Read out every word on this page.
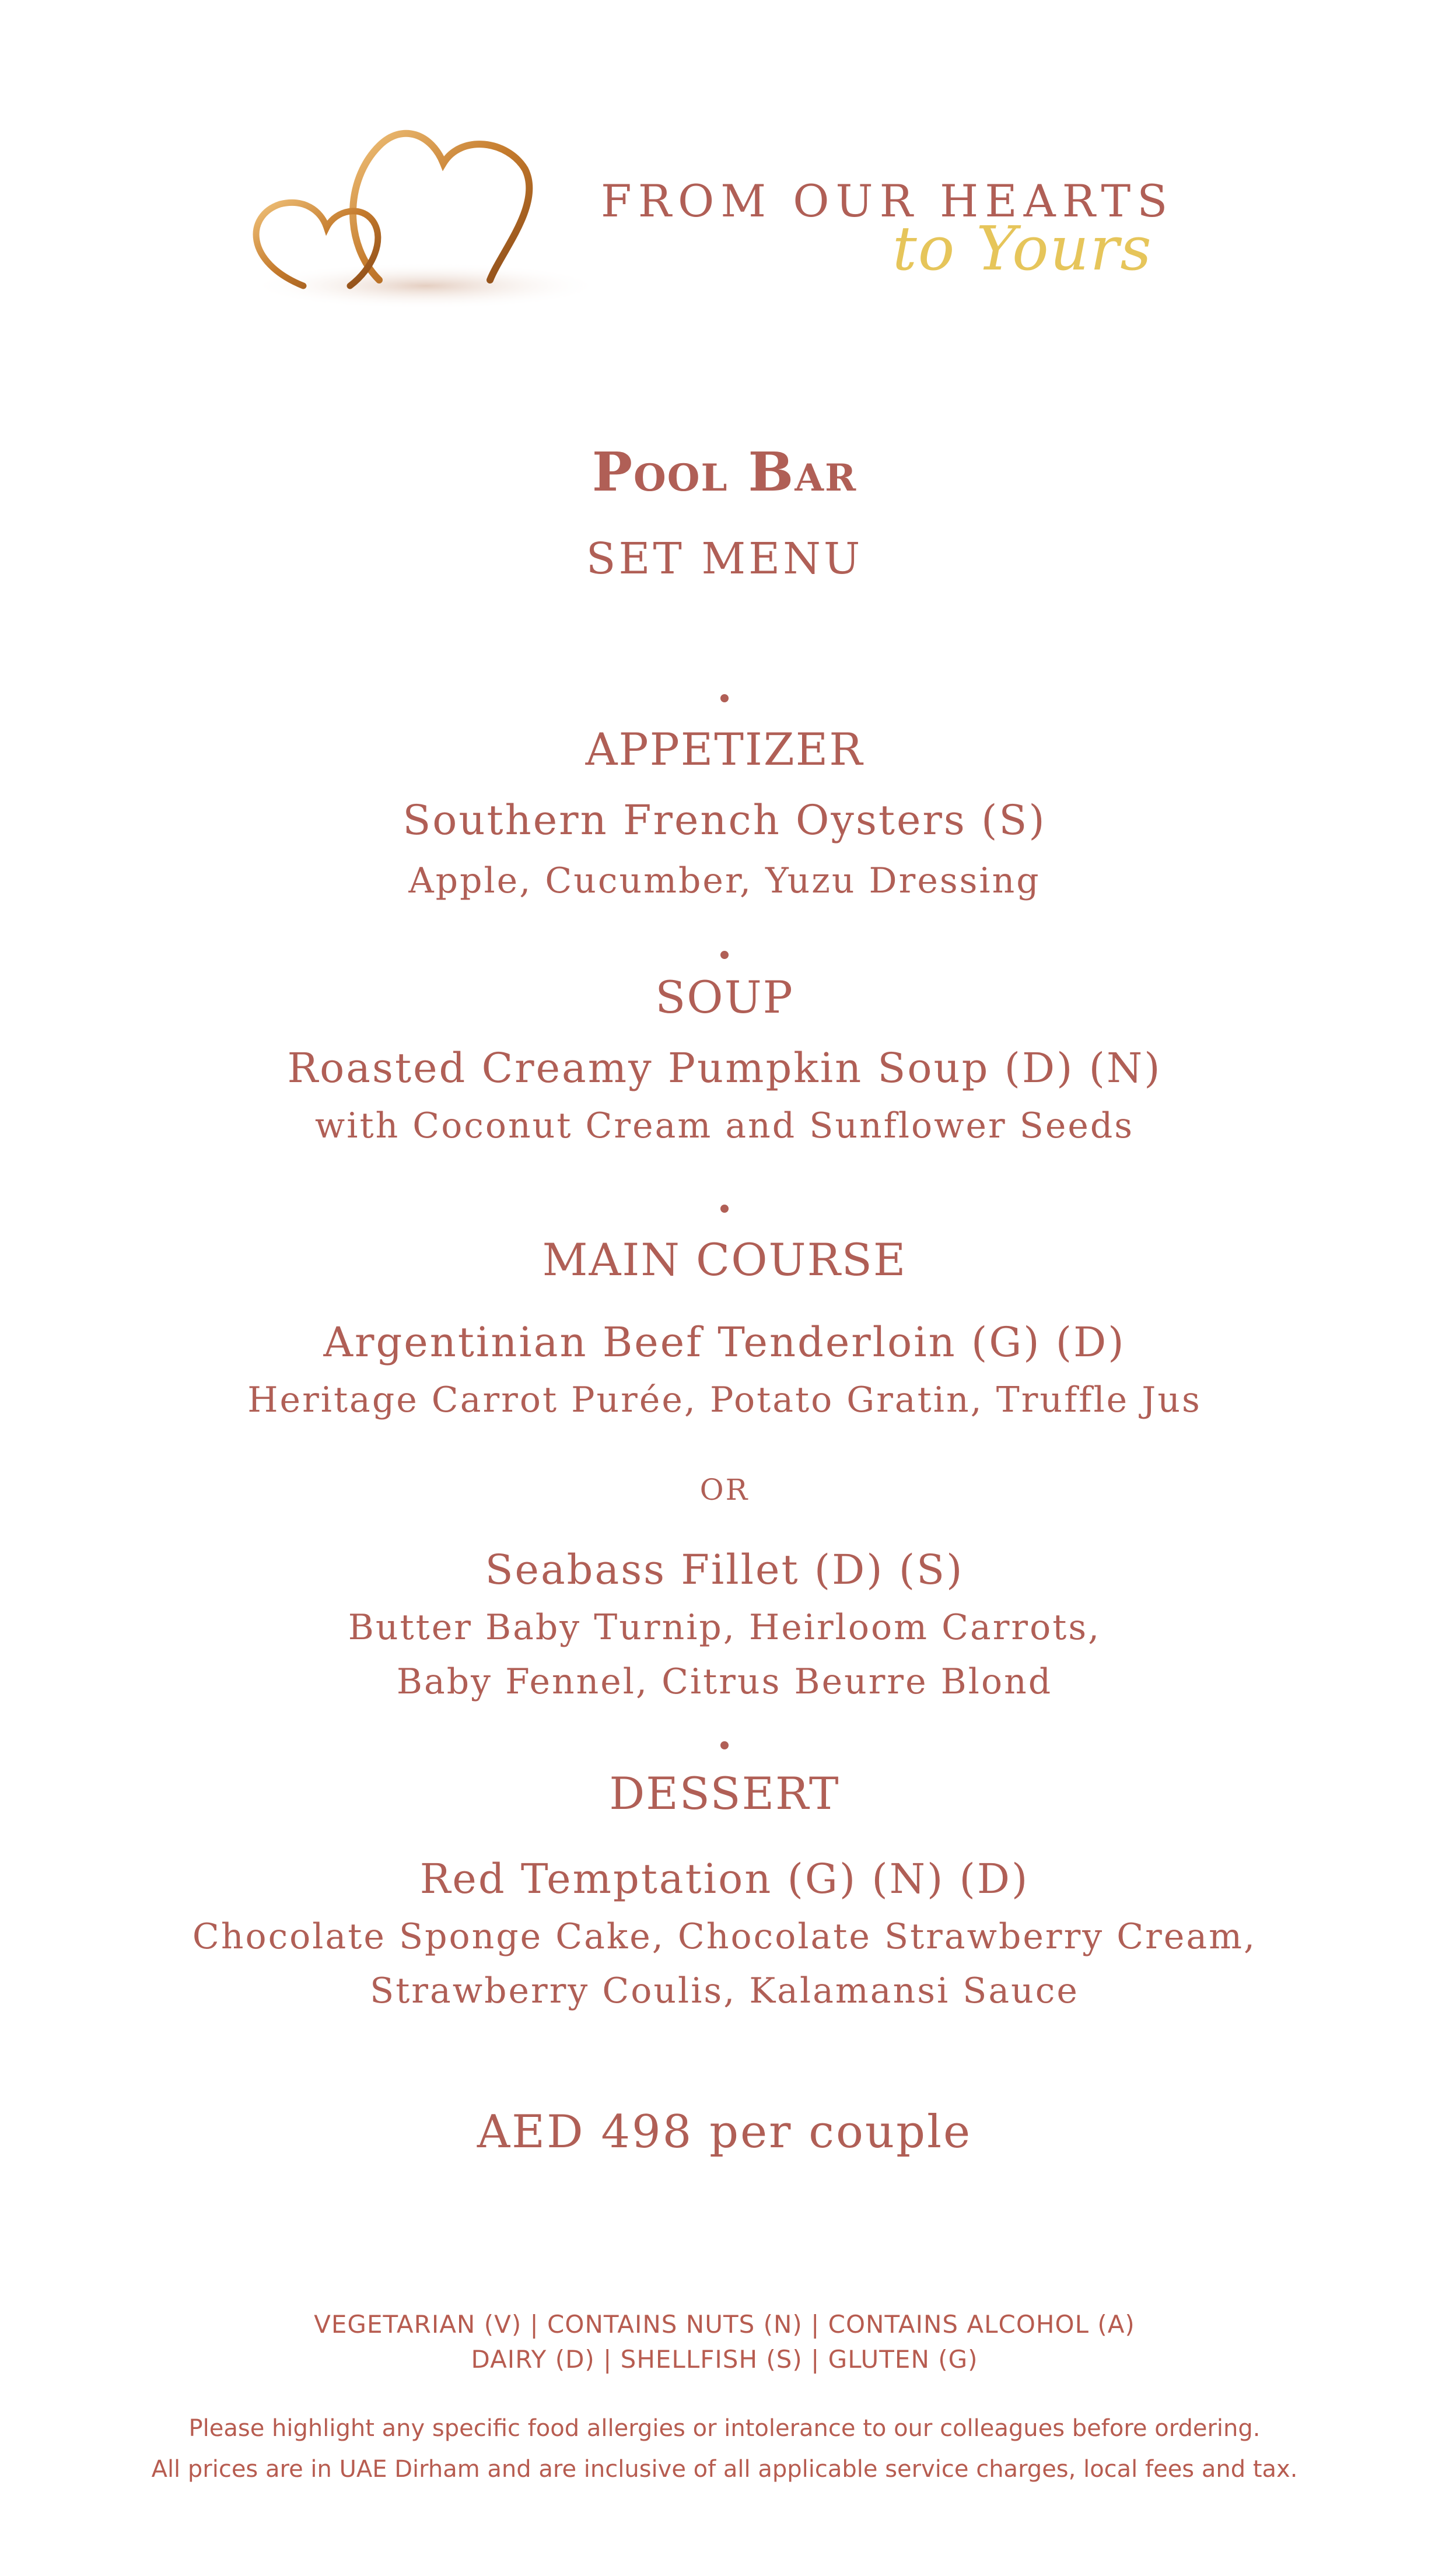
FROM OUR HEARTS
to Yours
Pool Bar
SET MENU
APPETIZER
Southern French Oysters (S)
Apple, Cucumber, Yuzu Dressing
SOUP
Roasted Creamy Pumpkin Soup (D) (N)
with Coconut Cream and Sunflower Seeds
MAIN COURSE
Argentinian Beef Tenderloin (G) (D)
Heritage Carrot Purée, Potato Gratin, Truffle Jus
OR
Seabass Fillet (D) (S)
Butter Baby Turnip, Heirloom Carrots,
Baby Fennel, Citrus Beurre Blond
DESSERT
Red Temptation (G) (N) (D)
Chocolate Sponge Cake, Chocolate Strawberry Cream,
Strawberry Coulis, Kalamansi Sauce
AED 498 per couple
VEGETARIAN (V) | CONTAINS NUTS (N) | CONTAINS ALCOHOL (A)
DAIRY (D) | SHELLFISH (S) | GLUTEN (G)
Please highlight any specific food allergies or intolerance to our colleagues before ordering.
All prices are in UAE Dirham and are inclusive of all applicable service charges, local fees and tax.
